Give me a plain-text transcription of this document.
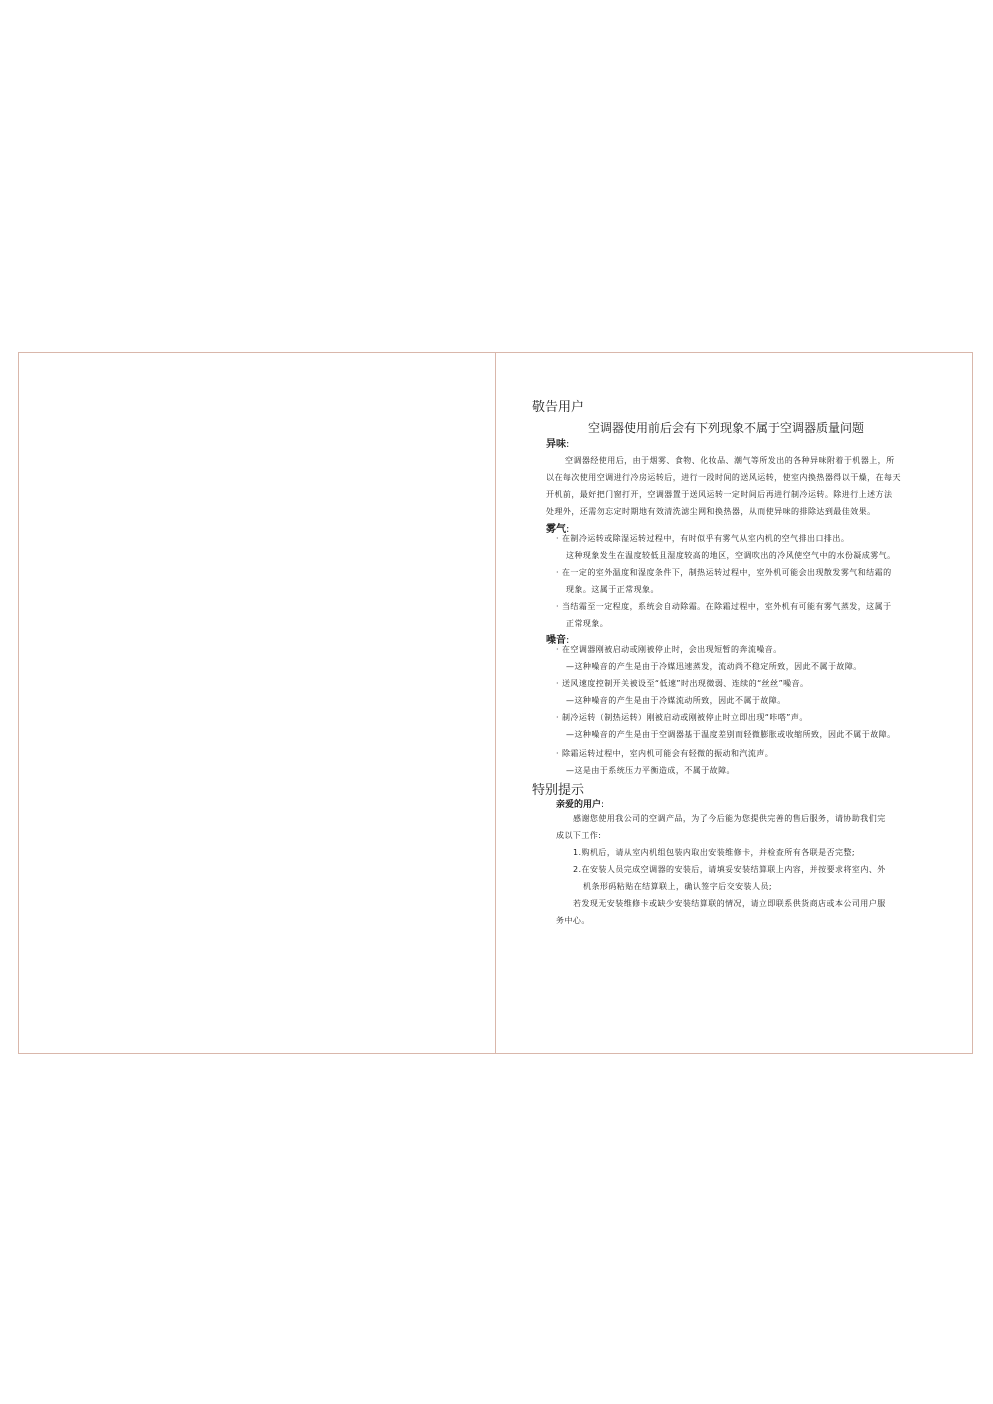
敬告用户
空调器使用前后会有下列现象不属于空调器质量问题
异味:
空调器经使用后，由于烟雾、食物、化妆品、潮气等所发出的各种异味附着于机器上，所
以在每次使用空调进行冷房运转后，进行一段时间的送风运转，使室内换热器得以干燥，在每天
开机前，最好把门窗打开，空调器置于送风运转一定时间后再进行制冷运转。除进行上述方法
处理外，还需勿忘定时期地有效清洗滤尘网和换热器，从而使异味的排除达到最佳效果。
雾气:
· 在制冷运转或除湿运转过程中，有时似乎有雾气从室内机的空气排出口排出。
这种现象发生在温度较低且湿度较高的地区，空调吹出的冷风使空气中的水份凝成雾气。
· 在一定的室外温度和湿度条件下，制热运转过程中，室外机可能会出现散发雾气和结霜的
现象。这属于正常现象。
· 当结霜至一定程度，系统会自动除霜。在除霜过程中，室外机有可能有雾气蒸发，这属于
正常现象。
噪音:
· 在空调器刚被启动或刚被停止时，会出现短暂的奔流噪音。
—这种噪音的产生是由于冷媒迅速蒸发，流动尚不稳定所致，因此不属于故障。
· 送风速度控制开关被设至“低速”时出现微弱、连续的“丝丝”噪音。
—这种噪音的产生是由于冷媒流动所致，因此不属于故障。
· 制冷运转（制热运转）刚被启动或刚被停止时立即出现“咔嗒”声。
—这种噪音的产生是由于空调器基于温度差别而轻微膨胀或收缩所致，因此不属于故障。
· 除霜运转过程中，室内机可能会有轻微的振动和汽流声。
—这是由于系统压力平衡造成，不属于故障。
特别提示
亲爱的用户:
感谢您使用我公司的空调产品，为了今后能为您提供完善的售后服务，请协助我们完
成以下工作:
1.购机后，请从室内机组包装内取出安装维修卡，并检查所有各联是否完整;
2.在安装人员完成空调器的安装后，请填妥安装结算联上内容，并按要求将室内、外
机条形码粘贴在结算联上，确认签字后交安装人员;
若发现无安装维修卡或缺少安装结算联的情况，请立即联系供货商店或本公司用户服
务中心。
